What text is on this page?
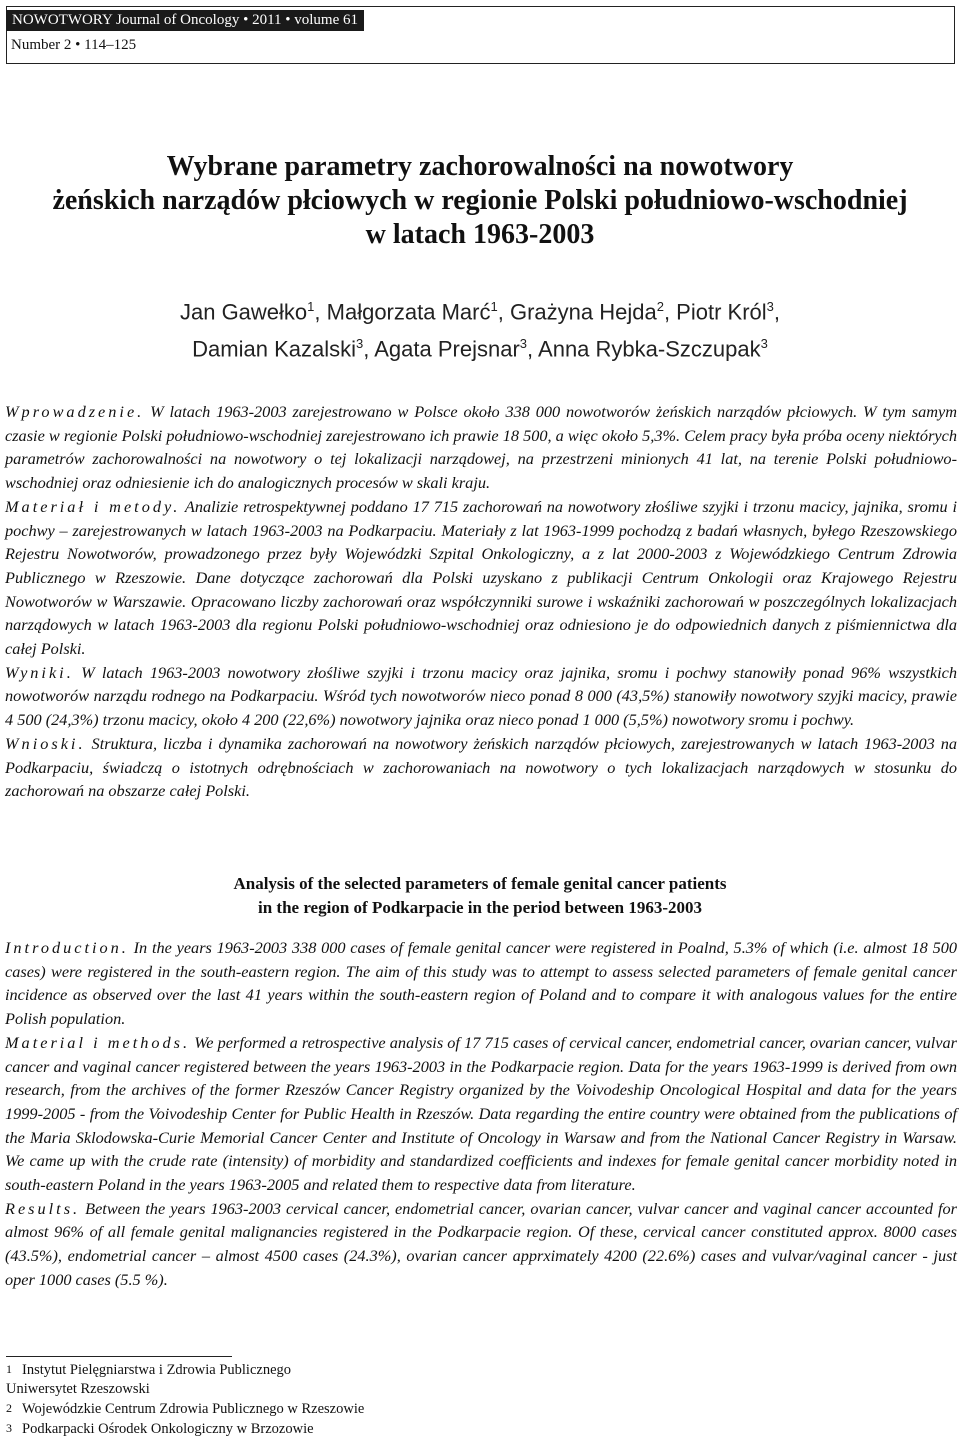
NOWOTWORY Journal of Oncology • 2011 • volume 61
Number 2 • 114–125
Wybrane parametry zachorowalności na nowotwory
żeńskich narządów płciowych w regionie Polski południowo-wschodniej
w latach 1963-2003
Jan Gawełko$^1$, Małgorzata Marć$^1$, Grażyna Hejda$^2$, Piotr Król$^3$,
Damian Kazalski$^3$, Agata Prejsnar$^3$, Anna Rybka-Szczupak$^3$

Wprowadzenie. W latach 1963-2003 zarejestrowano w Polsce około 338 000 nowotworów żeńskich narządów płciowych. W tym samym czasie w regionie Polski południowo-wschodniej zarejestrowano ich prawie 18 500, a więc około 5,3%. Celem pracy była próba oceny niektórych parametrów zachorowalności na nowotwory o tej lokalizacji narządowej, na przestrzeni minionych 41 lat, na terenie Polski południowo-wschodniej oraz odniesienie ich do analogicznych procesów w skali kraju.

Materiał i metody. Analizie retrospektywnej poddano 17 715 zachorowań na nowotwory złośliwe szyjki i trzonu macicy, jajnika, sromu i pochwy – zarejestrowanych w latach 1963-2003 na Podkarpaciu. Materiały z lat 1963-1999 pochodzą z badań własnych, byłego Rzeszowskiego Rejestru Nowotworów, prowadzonego przez były Wojewódzki Szpital Onkologiczny, a z lat 2000-2003 z Wojewódzkiego Centrum Zdrowia Publicznego w Rzeszowie. Dane dotyczące zachorowań dla Polski uzyskano z publikacji Centrum Onkologii oraz Krajowego Rejestru Nowotworów w Warszawie. Opracowano liczby zachorowań oraz współczynniki surowe i wskaźniki zachorowań w poszczególnych lokalizacjach narządowych w latach 1963-2003 dla regionu Polski południowo-wschodniej oraz odniesiono je do odpowiednich danych z piśmiennictwa dla całej Polski.

Wyniki. W latach 1963-2003 nowotwory złośliwe szyjki i trzonu macicy oraz jajnika, sromu i pochwy stanowiły ponad 96% wszystkich nowotworów narządu rodnego na Podkarpaciu. Wśród tych nowotworów nieco ponad 8 000 (43,5%) stanowiły nowotwory szyjki macicy, prawie 4 500 (24,3%) trzonu macicy, około 4 200 (22,6%) nowotwory jajnika oraz nieco ponad 1 000 (5,5%) nowotwory sromu i pochwy.

Wnioski. Struktura, liczba i dynamika zachorowań na nowotwory żeńskich narządów płciowych, zarejestrowanych w latach 1963-2003 na Podkarpaciu, świadczą o istotnych odrębnościach w zachorowaniach na nowotwory o tych lokalizacjach narządowych w stosunku do zachorowań na obszarze całej Polski.

Analysis of the selected parameters of female genital cancer patients
in the region of Podkarpacie in the period between 1963-2003

Introduction. In the years 1963-2003 338 000 cases of female genital cancer were registered in Poalnd, 5.3% of which (i.e. almost 18 500 cases) were registered in the south-eastern region. The aim of this study was to attempt to assess selected parameters of female genital cancer incidence as observed over the last 41 years within the south-eastern region of Poland and to compare it with analogous values for the entire Polish population.

Material i methods. We performed a retrospective analysis of 17 715 cases of cervical cancer, endometrial cancer, ovarian cancer, vulvar cancer and vaginal cancer registered between the years 1963-2003 in the Podkarpacie region. Data for the years 1963-1999 is derived from own research, from the archives of the former Rzeszów Cancer Registry organized by the Voivodeship Oncological Hospital and data for the years 1999-2005 - from the Voivodeship Center for Public Health in Rzeszów. Data regarding the entire country were obtained from the publications of the Maria Sklodowska-Curie Memorial Cancer Center and Institute of Oncology in Warsaw and from the National Cancer Registry in Warsaw. We came up with the crude rate (intensity) of morbidity and standardized coefficients and indexes for female genital cancer morbidity noted in south-eastern Poland in the years 1963-2005 and related them to respective data from literature.

Results. Between the years 1963-2003 cervical cancer, endometrial cancer, ovarian cancer, vulvar cancer and vaginal cancer accounted for almost 96% of all female genital malignancies registered in the Podkarpacie region. Of these, cervical cancer constituted approx. 8000 cases (43.5%), endometrial cancer – almost 4500 cases (24.3%), ovarian cancer apprximately 4200 (22.6%) cases and vulvar/vaginal cancer - just oper 1000 cases (5.5 %).

1 Instytut Pielęgniarstwa i Zdrowia Publicznego
Uniwersytet Rzeszowski
2 Wojewódzkie Centrum Zdrowia Publicznego w Rzeszowie
3 Podkarpacki Ośrodek Onkologiczny w Brzozowie
